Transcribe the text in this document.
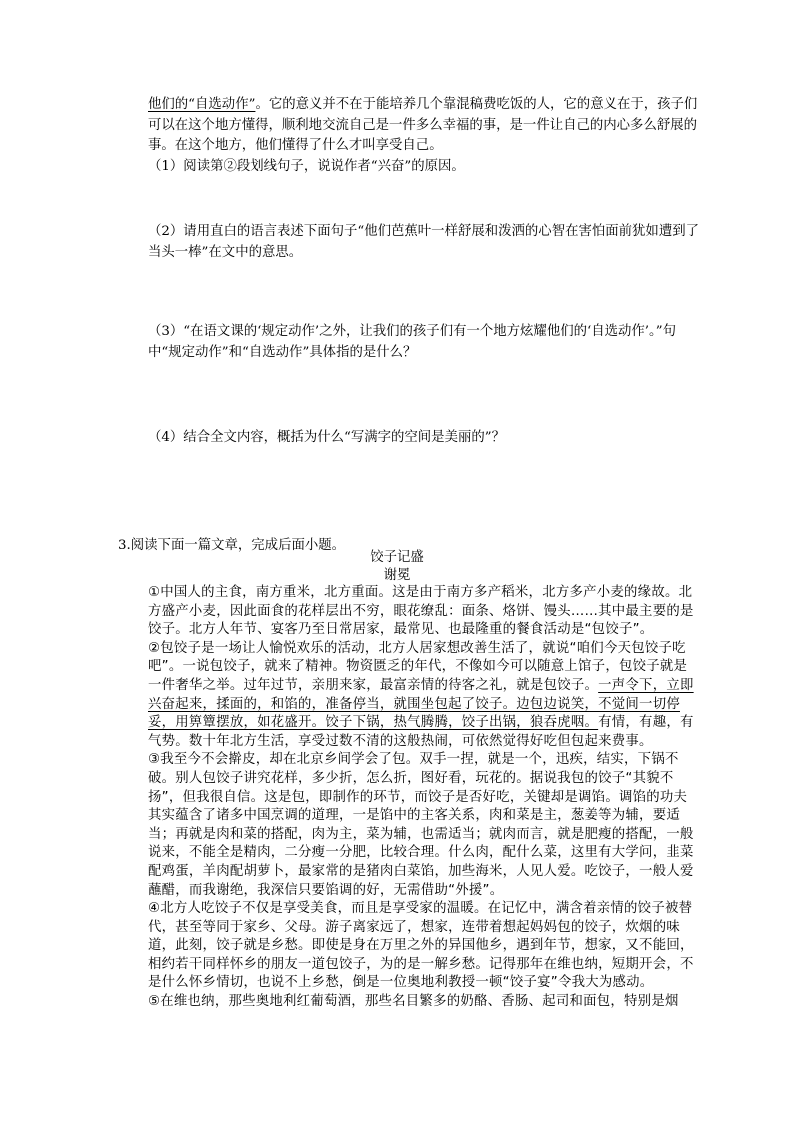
他们的“自选动作”。它的意义并不在于能培养几个靠混稿费吃饭的人，它的意义在于，孩子们可以在这个地方懂得，顺利地交流自己是一件多么幸福的事，是一件让自己的内心多么舒展的事。在这个地方，他们懂得了什么才叫享受自己。

（1）阅读第②段划线句子，说说作者“兴奋”的原因。

（2）请用直白的语言表述下面句子“他们芭蕉叶一样舒展和泼洒的心智在害怕面前犹如遭到了当头一棒”在文中的意思。

（3）“在语文课的‘规定动作’之外，让我们的孩子们有一个地方炫耀他们的‘自选动作’。”句中“规定动作”和“自选动作”具体指的是什么？

（4）结合全文内容，概括为什么“写满字的空间是美丽的”？

3.阅读下面一篇文章，完成后面小题。
饺子记盛
谢冕

①中国人的主食，南方重米，北方重面。这是由于南方多产稻米，北方多产小麦的缘故。北方盛产小麦，因此面食的花样层出不穷，眼花缭乱：面条、烙饼、馒头……其中最主要的是饺子。北方人年节、宴客乃至日常居家，最常见、也最隆重的餐食活动是“包饺子”。

②包饺子是一场让人愉悦欢乐的活动，北方人居家想改善生活了，就说“咱们今天包饺子吃吧”。一说包饺子，就来了精神。物资匮乏的年代，不像如今可以随意上馆子，包饺子就是一件奢华之举。过年过节，亲朋来家，最富亲情的待客之礼，就是包饺子。一声令下，立即兴奋起来，揉面的，和馅的，准备停当，就围坐包起了饺子。边包边说笑，不觉间一切停妥，用箅簟摆放，如花盛开。饺子下锅，热气腾腾，饺子出锅，狼吞虎咽。有情，有趣，有气势。数十年北方生活，享受过数不清的这般热闹，可依然觉得好吃但包起来费事。

③我至今不会擀皮，却在北京乡间学会了包。双手一捏，就是一个，迅疾，结实，下锅不破。别人包饺子讲究花样，多少折，怎么折，图好看，玩花的。据说我包的饺子“其貌不扬”，但我很自信。这是包，即制作的环节，而饺子是否好吃，关键却是调馅。调馅的功夫其实蕴含了诸多中国烹调的道理，一是馅中的主客关系，肉和菜是主，葱姜等为辅，要适当；再就是肉和菜的搭配，肉为主，菜为辅，也需适当；就肉而言，就是肥瘦的搭配，一般说来，不能全是精肉，二分瘦一分肥，比较合理。什么肉，配什么菜，这里有大学问，韭菜配鸡蛋，羊肉配胡萝卜，最家常的是猪肉白菜馅，加些海米，人见人爱。吃饺子，一般人爱蘸醋，而我谢绝，我深信只要馅调的好，无需借助“外援”。

④北方人吃饺子不仅是享受美食，而且是享受家的温暖。在记忆中，满含着亲情的饺子被替代，甚至等同于家乡、父母。游子离家远了，想家，连带着想起妈妈包的饺子，炊烟的味道，此刻，饺子就是乡愁。即使是身在万里之外的异国他乡，遇到年节，想家，又不能回，相约若干同样怀乡的朋友一道包饺子，为的是一解乡愁。记得那年在维也纳，短期开会，不是什么怀乡情切，也说不上乡愁，倒是一位奥地利教授一顿“饺子宴”令我大为感动。

⑤在维也纳，那些奥地利红葡萄酒，那些名目繁多的奶酪、香肠、起司和面包，特别是烟
